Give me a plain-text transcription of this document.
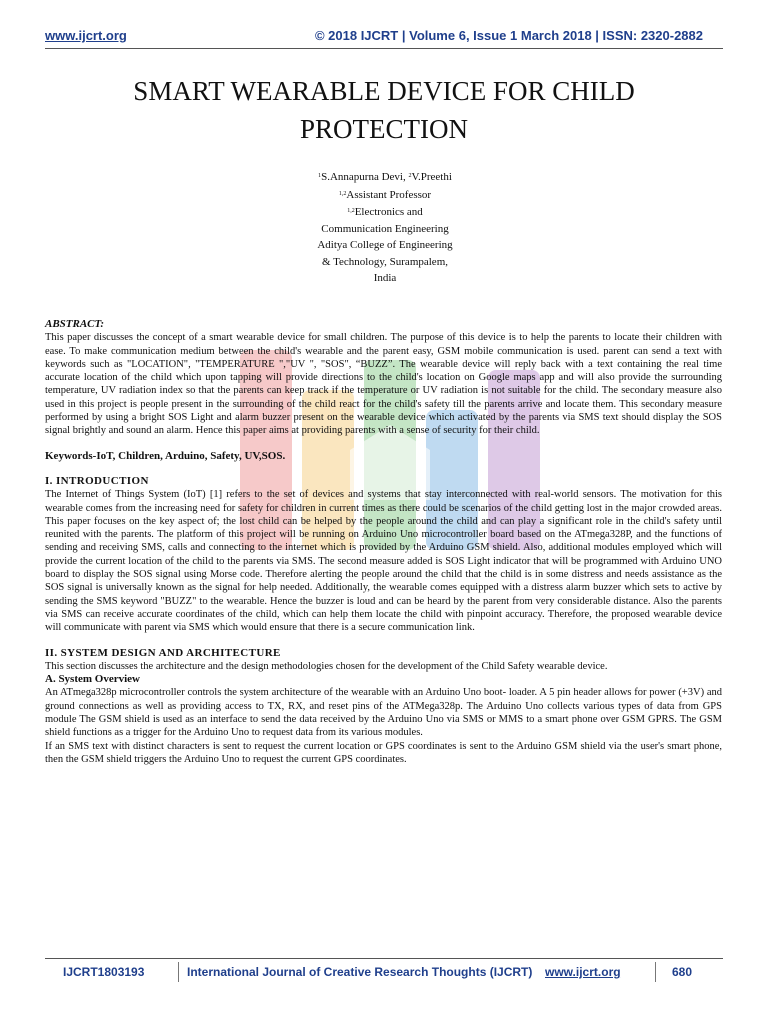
www.ijcrt.org	© 2018 IJCRT | Volume 6, Issue 1 March 2018 | ISSN: 2320-2882
SMART WEARABLE DEVICE FOR CHILD
PROTECTION
$^1$S.Annapurna Devi, $^2$V.Preethi
$^{1,2}$Assistant Professor
$^{1,2}$Electronics and
Communication Engineering
Aditya College of Engineering
& Technology, Surampalem,
India

ABSTRACT:

This paper discusses the concept of a smart wearable device for small children. The purpose of this device is to help the parents to locate their children with ease. To make communication medium between the child's wearable and the parent easy, GSM mobile communication is used. parent can send a text with keywords such as "LOCATION", "TEMPERATURE ","UV ", "SOS", “BUZZ”. The wearable device will reply back with a text containing the real time accurate location of the child which upon tapping will provide directions to the child's location on Google maps app and will also provide the surrounding temperature, UV radiation index so that the parents can keep track if the temperature or UV radiation is not suitable for the child. The secondary measure also used in this project is people present in the surrounding of the child react for the child's safety till the parents arrive and locate them. This secondary measure performed by using a bright SOS Light and alarm buzzer present on the wearable device which activated by the parents via SMS text should display the SOS signal brightly and sound an alarm. Hence this paper aims at providing parents with a sense of security for their child.

Keywords-IoT, Children, Arduino, Safety, UV,SOS.

I. INTRODUCTION

The Internet of Things System (IoT) [1] refers to the set of devices and systems that stay interconnected with real-world sensors. The motivation for this wearable comes from the increasing need for safety for children in current times as there could be scenarios of the child getting lost in the major crowded areas. This paper focuses on the key aspect of; the lost child can be helped by the people around the child and can play a significant role in the child's safety until reunited with the parents. The platform of this project will be running on Arduino Uno microcontroller board based on the ATmega328P, and the functions of sending and receiving SMS, calls and connecting to the internet which is provided by the Arduino GSM shield. Also, additional modules employed which will provide the current location of the child to the parents via SMS. The second measure added is SOS Light indicator that will be programmed with Arduino UNO board to display the SOS signal using Morse code. Therefore alerting the people around the child that the child is in some distress and needs assistance as the SOS signal is universally known as the signal for help needed. Additionally, the wearable comes equipped with a distress alarm buzzer which sets to active by sending the SMS keyword "BUZZ" to the wearable. Hence the buzzer is loud and can be heard by the parent from very considerable distance. Also the parents via SMS can receive accurate coordinates of the child, which can help them locate the child with pinpoint accuracy. Therefore, the proposed wearable device will communicate with parent via SMS which would ensure that there is a secure communication link.

II. SYSTEM DESIGN AND ARCHITECTURE

This section discusses the architecture and the design methodologies chosen for the development of the Child Safety wearable device.

A. System Overview

An ATmega328p microcontroller controls the system architecture of the wearable with an Arduino Uno boot- loader. A 5 pin header allows for power (+3V) and ground connections as well as providing access to TX, RX, and reset pins of the ATMega328p. The Arduino Uno collects various types of data from GPS module The GSM shield is used as an interface to send the data received by the Arduino Uno via SMS or MMS to a smart phone over GSM GPRS. The GSM shield functions as a trigger for the Arduino Uno to request data from its various modules.

If an SMS text with distinct characters is sent to request the current location or GPS coordinates is sent to the Arduino GSM shield via the user's smart phone, then the GSM shield triggers the Arduino Uno to request the current GPS coordinates.

IJCRT1803193	International Journal of Creative Research Thoughts (IJCRT) www.ijcrt.org	680
